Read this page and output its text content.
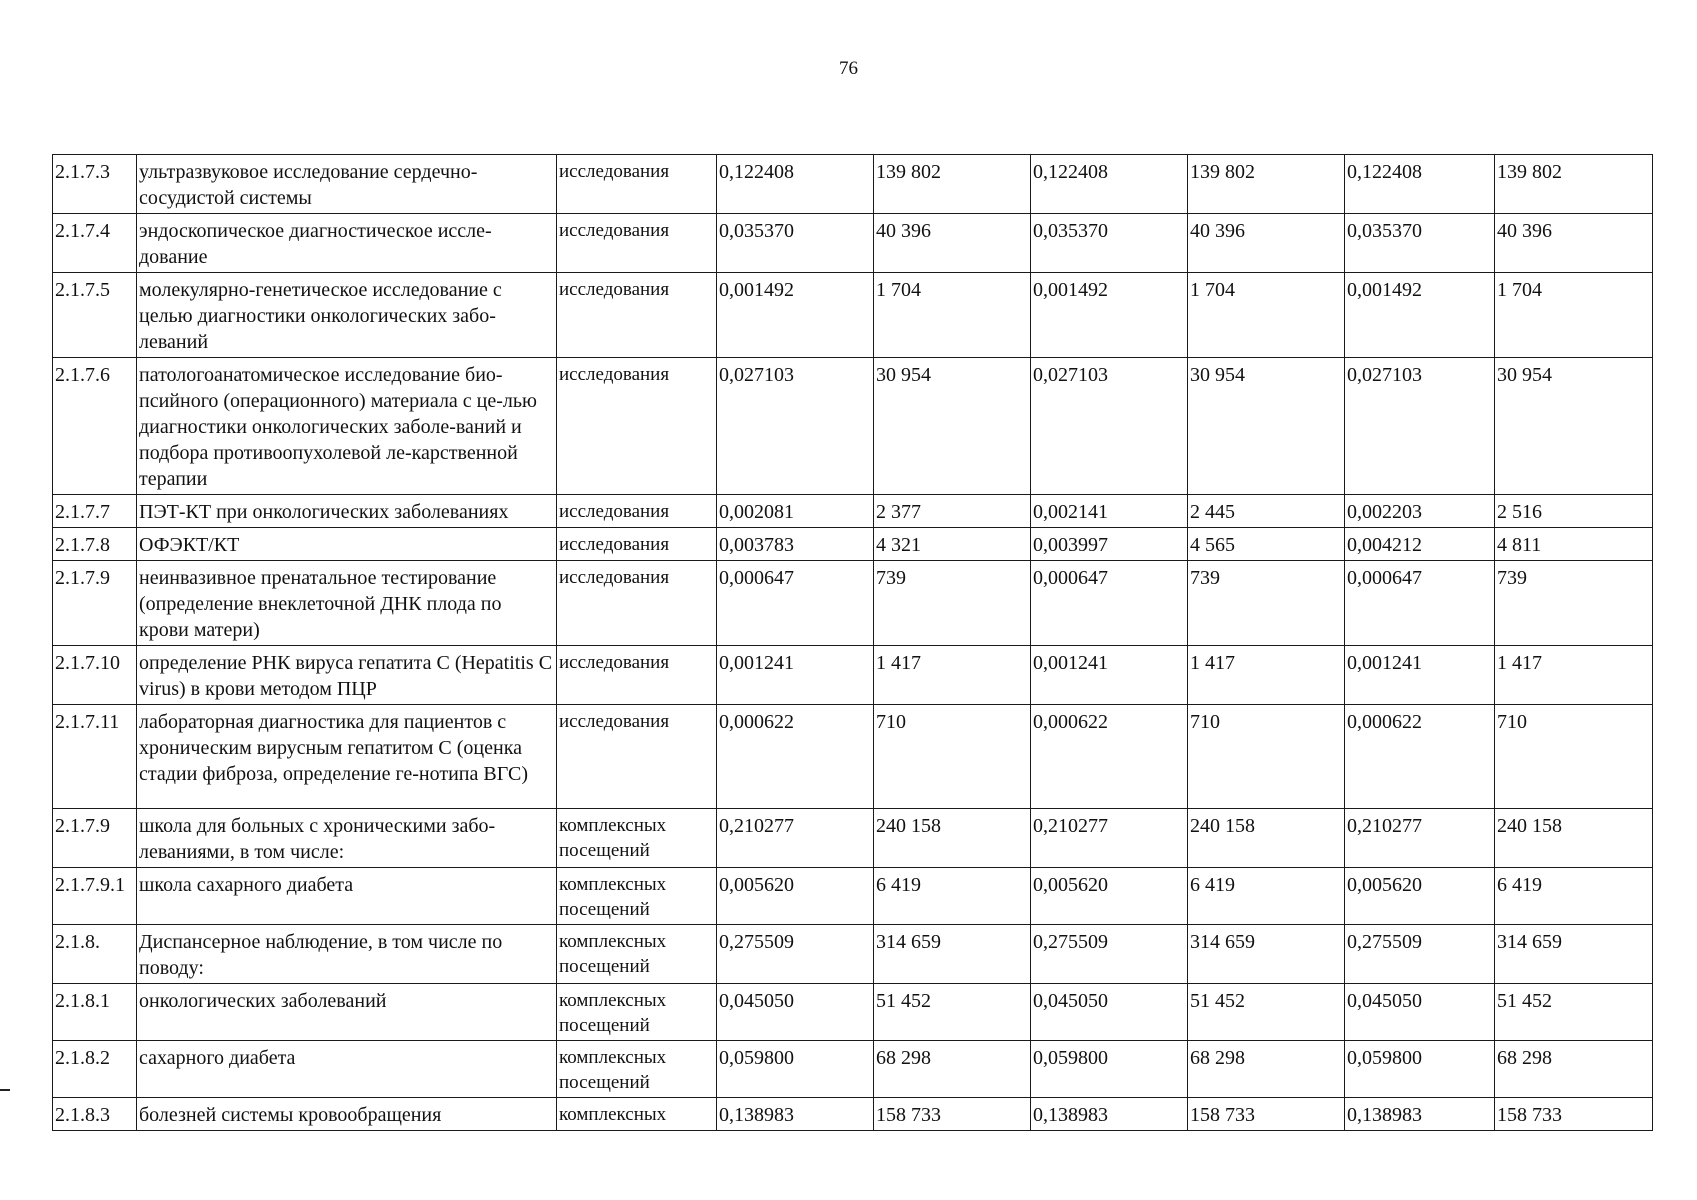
76
2.1.7.3	ультразвуковое исследование сердечно-сосудистой системы	исследования	0,122408	139 802	0,122408	139 802	0,122408	139 802
2.1.7.4	эндоскопическое диагностическое иссле-дование	исследования	0,035370	40 396	0,035370	40 396	0,035370	40 396
2.1.7.5	молекулярно-генетическое исследование с целью диагностики онкологических забо-леваний	исследования	0,001492	1 704	0,001492	1 704	0,001492	1 704
2.1.7.6	патологоанатомическое исследование био-псийного (операционного) материала с це-лью диагностики онкологических заболе-ваний и подбора противоопухолевой ле-карственной терапии	исследования	0,027103	30 954	0,027103	30 954	0,027103	30 954
2.1.7.7	ПЭТ-КТ при онкологических заболеваниях	исследования	0,002081	2 377	0,002141	2 445	0,002203	2 516
2.1.7.8	ОФЭКТ/КТ	исследования	0,003783	4 321	0,003997	4 565	0,004212	4 811
2.1.7.9	неинвазивное пренатальное тестирование (определение внеклеточной ДНК плода по крови матери)	исследования	0,000647	739	0,000647	739	0,000647	739
2.1.7.10	определение РНК вируса гепатита С (Hepatitis С virus) в крови методом ПЦР	исследования	0,001241	1 417	0,001241	1 417	0,001241	1 417
2.1.7.11	лабораторная диагностика для пациентов с хроническим вирусным гепатитом С (оценка стадии фиброза, определение ге-нотипа ВГС)	исследования	0,000622	710	0,000622	710	0,000622	710
2.1.7.9	школа для больных с хроническими забо-леваниями, в том числе:	комплексных посещений	0,210277	240 158	0,210277	240 158	0,210277	240 158
2.1.7.9.1	школа сахарного диабета	комплексных посещений	0,005620	6 419	0,005620	6 419	0,005620	6 419
2.1.8.	Диспансерное наблюдение, в том числе по поводу:	комплексных посещений	0,275509	314 659	0,275509	314 659	0,275509	314 659
2.1.8.1	онкологических заболеваний	комплексных посещений	0,045050	51 452	0,045050	51 452	0,045050	51 452
2.1.8.2	сахарного диабета	комплексных посещений	0,059800	68 298	0,059800	68 298	0,059800	68 298
2.1.8.3	болезней системы кровообращения	комплексных	0,138983	158 733	0,138983	158 733	0,138983	158 733
